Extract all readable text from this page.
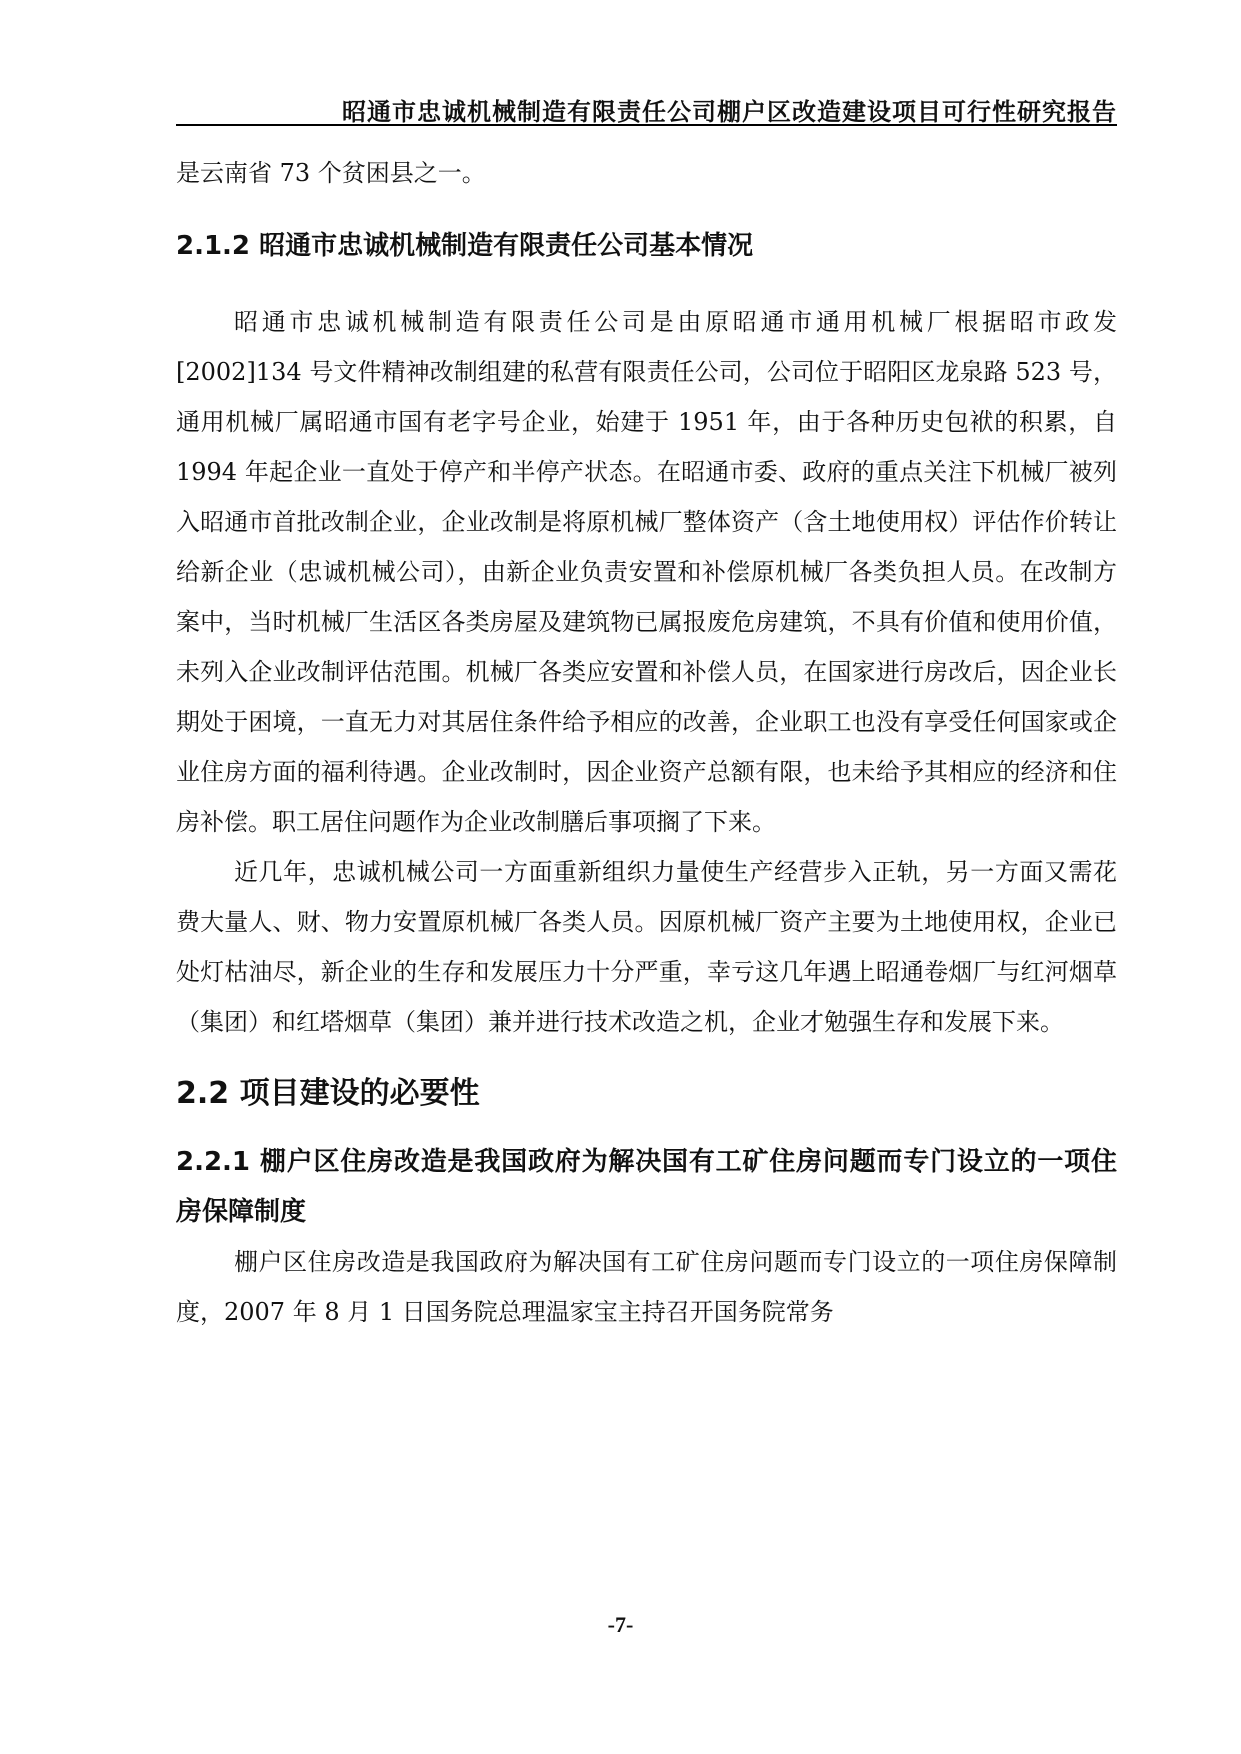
昭通市忠诚机械制造有限责任公司棚户区改造建设项目可行性研究报告

是云南省 73 个贫困县之一。

2.1.2 昭通市忠诚机械制造有限责任公司基本情况

昭通市忠诚机械制造有限责任公司是由原昭通市通用机械厂根据昭市政发[2002]134 号文件精神改制组建的私营有限责任公司，公司位于昭阳区龙泉路 523 号，通用机械厂属昭通市国有老字号企业，始建于 1951 年，由于各种历史包袱的积累，自 1994 年起企业一直处于停产和半停产状态。在昭通市委、政府的重点关注下机械厂被列入昭通市首批改制企业，企业改制是将原机械厂整体资产（含土地使用权）评估作价转让给新企业（忠诚机械公司），由新企业负责安置和补偿原机械厂各类负担人员。在改制方案中，当时机械厂生活区各类房屋及建筑物已属报废危房建筑，不具有价值和使用价值，未列入企业改制评估范围。机械厂各类应安置和补偿人员，在国家进行房改后，因企业长期处于困境，一直无力对其居住条件给予相应的改善，企业职工也没有享受任何国家或企业住房方面的福利待遇。企业改制时，因企业资产总额有限，也未给予其相应的经济和住房补偿。职工居住问题作为企业改制膳后事项搁了下来。

近几年，忠诚机械公司一方面重新组织力量使生产经营步入正轨，另一方面又需花费大量人、财、物力安置原机械厂各类人员。因原机械厂资产主要为土地使用权，企业已处灯枯油尽，新企业的生存和发展压力十分严重，幸亏这几年遇上昭通卷烟厂与红河烟草（集团）和红塔烟草（集团）兼并进行技术改造之机，企业才勉强生存和发展下来。

2.2 项目建设的必要性

2.2.1 棚户区住房改造是我国政府为解决国有工矿住房问题而专门设立的一项住房保障制度

棚户区住房改造是我国政府为解决国有工矿住房问题而专门设立的一项住房保障制度，2007 年 8 月 1 日国务院总理温家宝主持召开国务院常务

-7-
